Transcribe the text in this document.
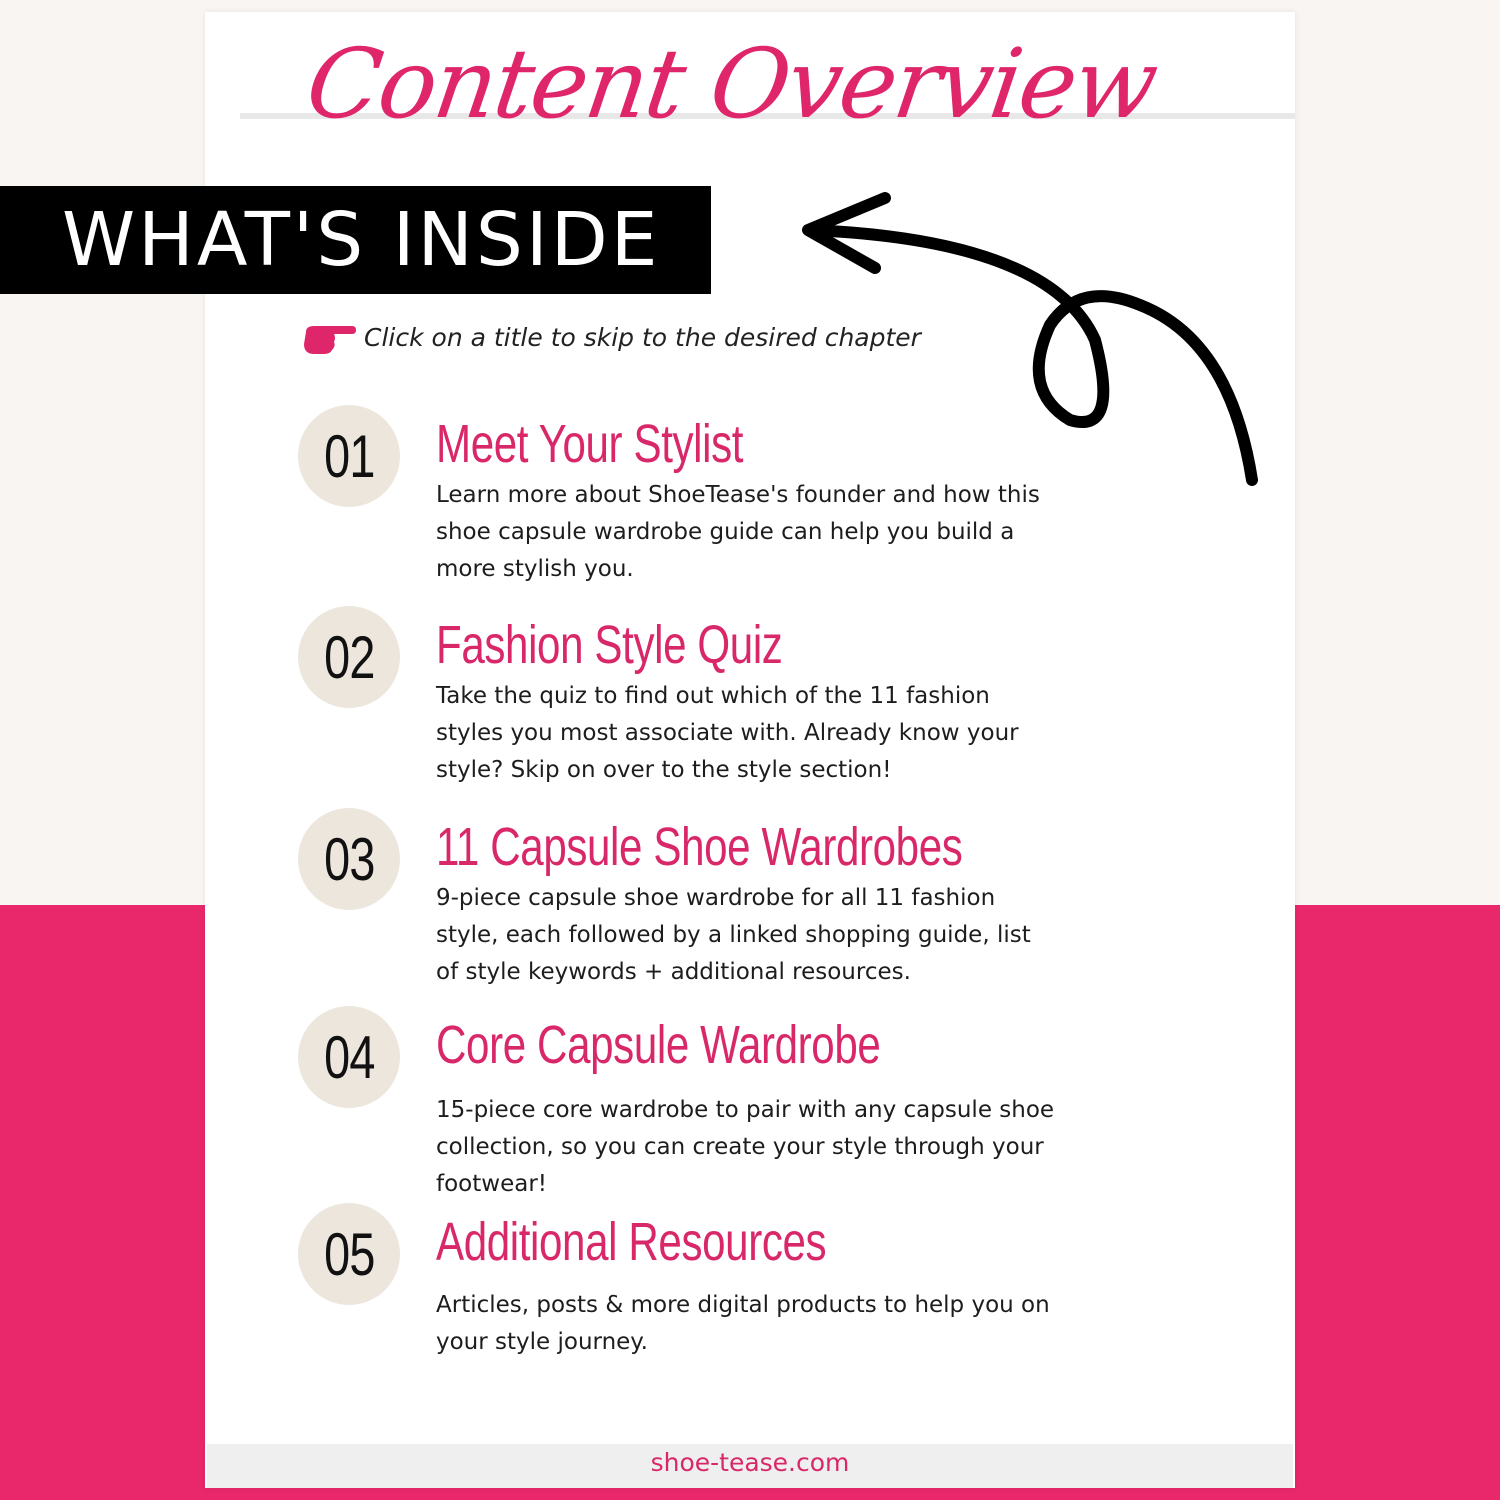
Content Overview
WHAT'S INSIDE
Click on a title to skip to the desired chapter
01 Meet Your Stylist
Learn more about ShoeTease's founder and how this shoe capsule wardrobe guide can help you build a more stylish you.
02 Fashion Style Quiz
Take the quiz to find out which of the 11 fashion styles you most associate with. Already know your style? Skip on over to the style section!
03 11 Capsule Shoe Wardrobes
9-piece capsule shoe wardrobe for all 11 fashion style, each followed by a linked shopping guide, list of style keywords + additional resources.
04 Core Capsule Wardrobe
15-piece core wardrobe to pair with any capsule shoe collection, so you can create your style through your footwear!
05 Additional Resources
Articles, posts & more digital products to help you on your style journey.
shoe-tease.com
